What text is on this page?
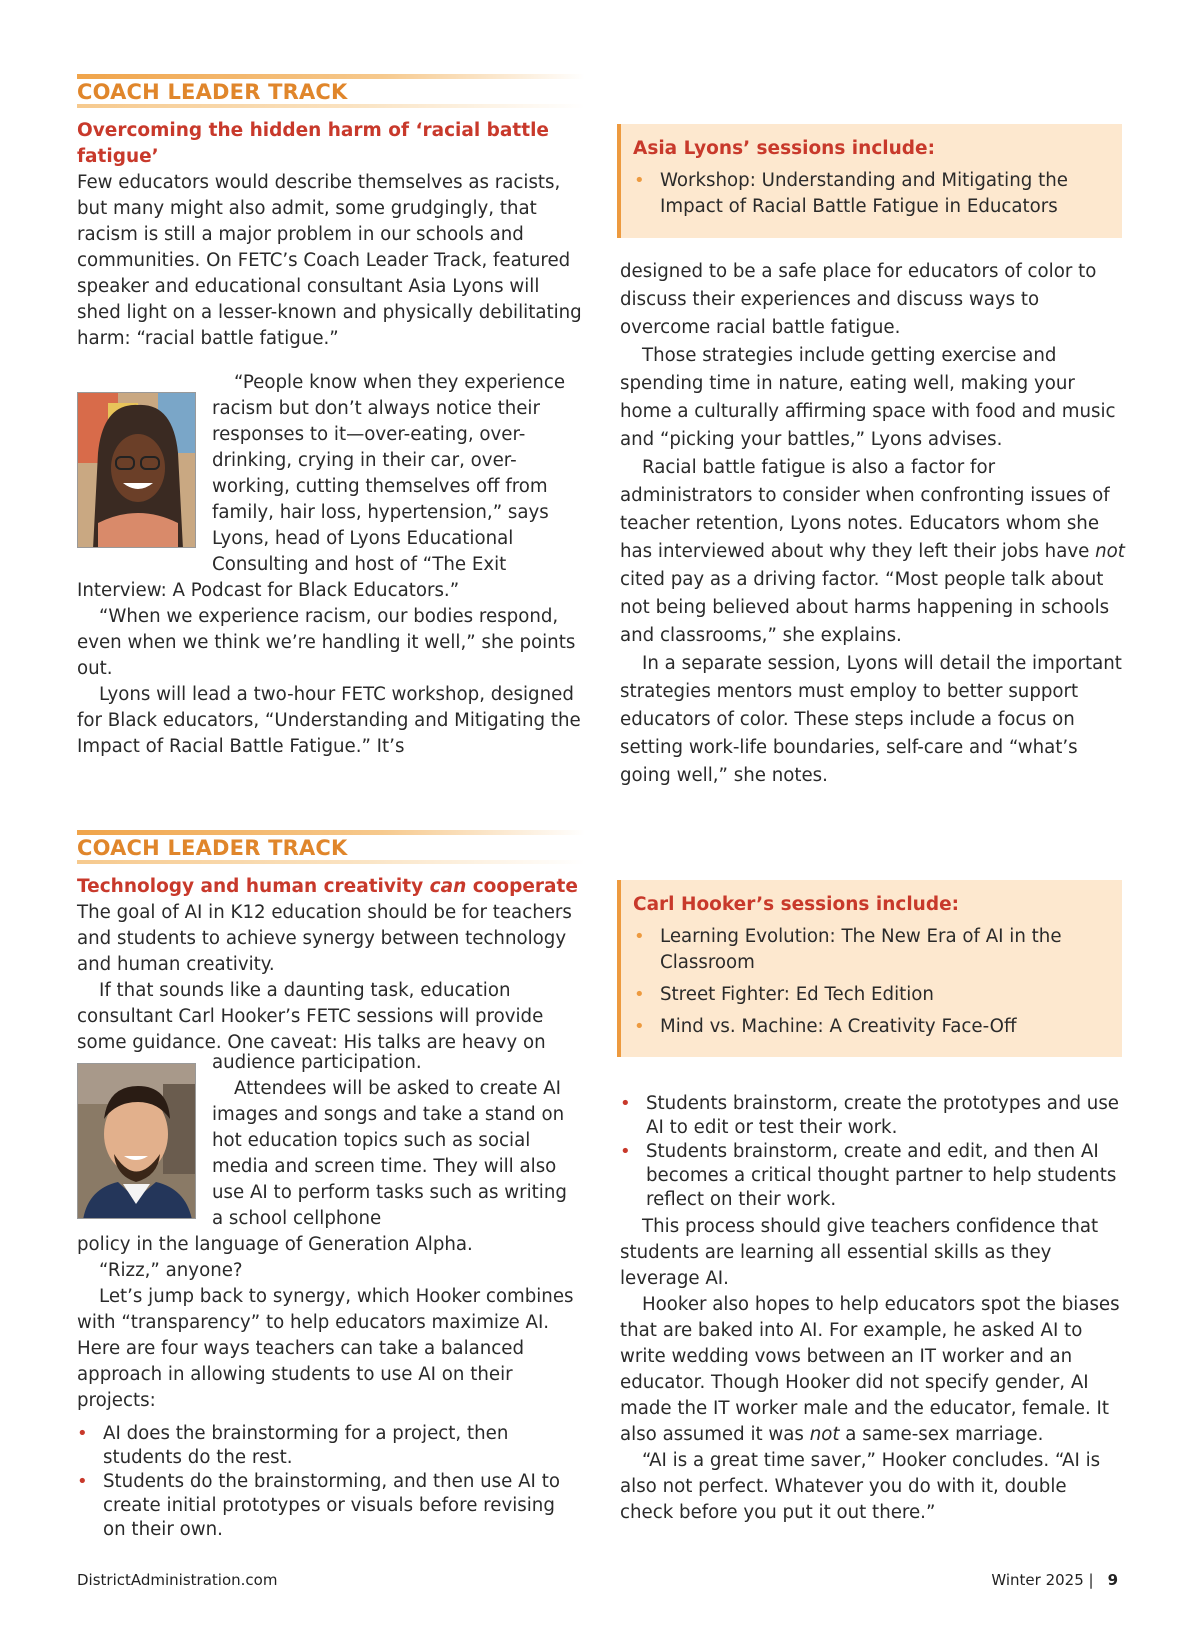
COACH LEADER TRACK
Overcoming the hidden harm of ‘racial battle
fatigue’

Few educators would describe themselves as racists, but many might also admit, some grudgingly, that racism is still a major problem in our schools and communities. On FETC’s Coach Leader Track, featured speaker and educational consultant Asia Lyons will shed light on a lesser-known and physically debilitating harm: “racial battle fatigue.”

“People know when they experience racism but don’t always notice their responses to it—over-eating, over-drinking, crying in their car, over-working, cutting themselves off from family, hair loss, hypertension,” says Lyons, head of Lyons Educational Consulting and host of “The Exit

Interview: A Podcast for Black Educators.”

“When we experience racism, our bodies respond, even when we think we’re handling it well,” she points out.

Lyons will lead a two-hour FETC workshop, designed for Black educators, “Understanding and Mitigating the Impact of Racial Battle Fatigue.” It’s

Asia Lyons’ sessions include:
• Workshop: Understanding and Mitigating the Impact of Racial Battle Fatigue in Educators

designed to be a safe place for educators of color to discuss their experiences and discuss ways to overcome racial battle fatigue.

Those strategies include getting exercise and spending time in nature, eating well, making your home a culturally affirming space with food and music and “picking your battles,” Lyons advises.

Racial battle fatigue is also a factor for administrators to consider when confronting issues of teacher retention, Lyons notes. Educators whom she has interviewed about why they left their jobs have not cited pay as a driving factor. “Most people talk about not being believed about harms happening in schools and classrooms,” she explains.

In a separate session, Lyons will detail the important strategies mentors must employ to better support educators of color. These steps include a focus on setting work-life boundaries, self-care and “what’s going well,” she notes.

COACH LEADER TRACK
Technology and human creativity can cooperate

The goal of AI in K12 education should be for teachers and students to achieve synergy between technology and human creativity.

If that sounds like a daunting task, education consultant Carl Hooker’s FETC sessions will provide some guidance. One caveat: His talks are heavy on

audience participation.

Attendees will be asked to create AI images and songs and take a stand on hot education topics such as social media and screen time. They will also use AI to perform tasks such as writing a school cellphone

policy in the language of Generation Alpha.

“Rizz,” anyone?

Let’s jump back to synergy, which Hooker combines with “transparency” to help educators maximize AI. Here are four ways teachers can take a balanced approach in allowing students to use AI on their projects:

• AI does the brainstorming for a project, then students do the rest.
• Students do the brainstorming, and then use AI to create initial prototypes or visuals before revising on their own.
Carl Hooker’s sessions include:
• Learning Evolution: The New Era of AI in the Classroom
• Street Fighter: Ed Tech Edition
• Mind vs. Machine: A Creativity Face-Off
• Students brainstorm, create the prototypes and use AI to edit or test their work.
• Students brainstorm, create and edit, and then AI becomes a critical thought partner to help students reflect on their work.

This process should give teachers confidence that students are learning all essential skills as they leverage AI.

Hooker also hopes to help educators spot the biases that are baked into AI. For example, he asked AI to write wedding vows between an IT worker and an educator. Though Hooker did not specify gender, AI made the IT worker male and the educator, female. It also assumed it was not a same-sex marriage.

“AI is a great time saver,” Hooker concludes. “AI is also not perfect. Whatever you do with it, double check before you put it out there.”

DistrictAdministration.com	Winter 2025 | 9
